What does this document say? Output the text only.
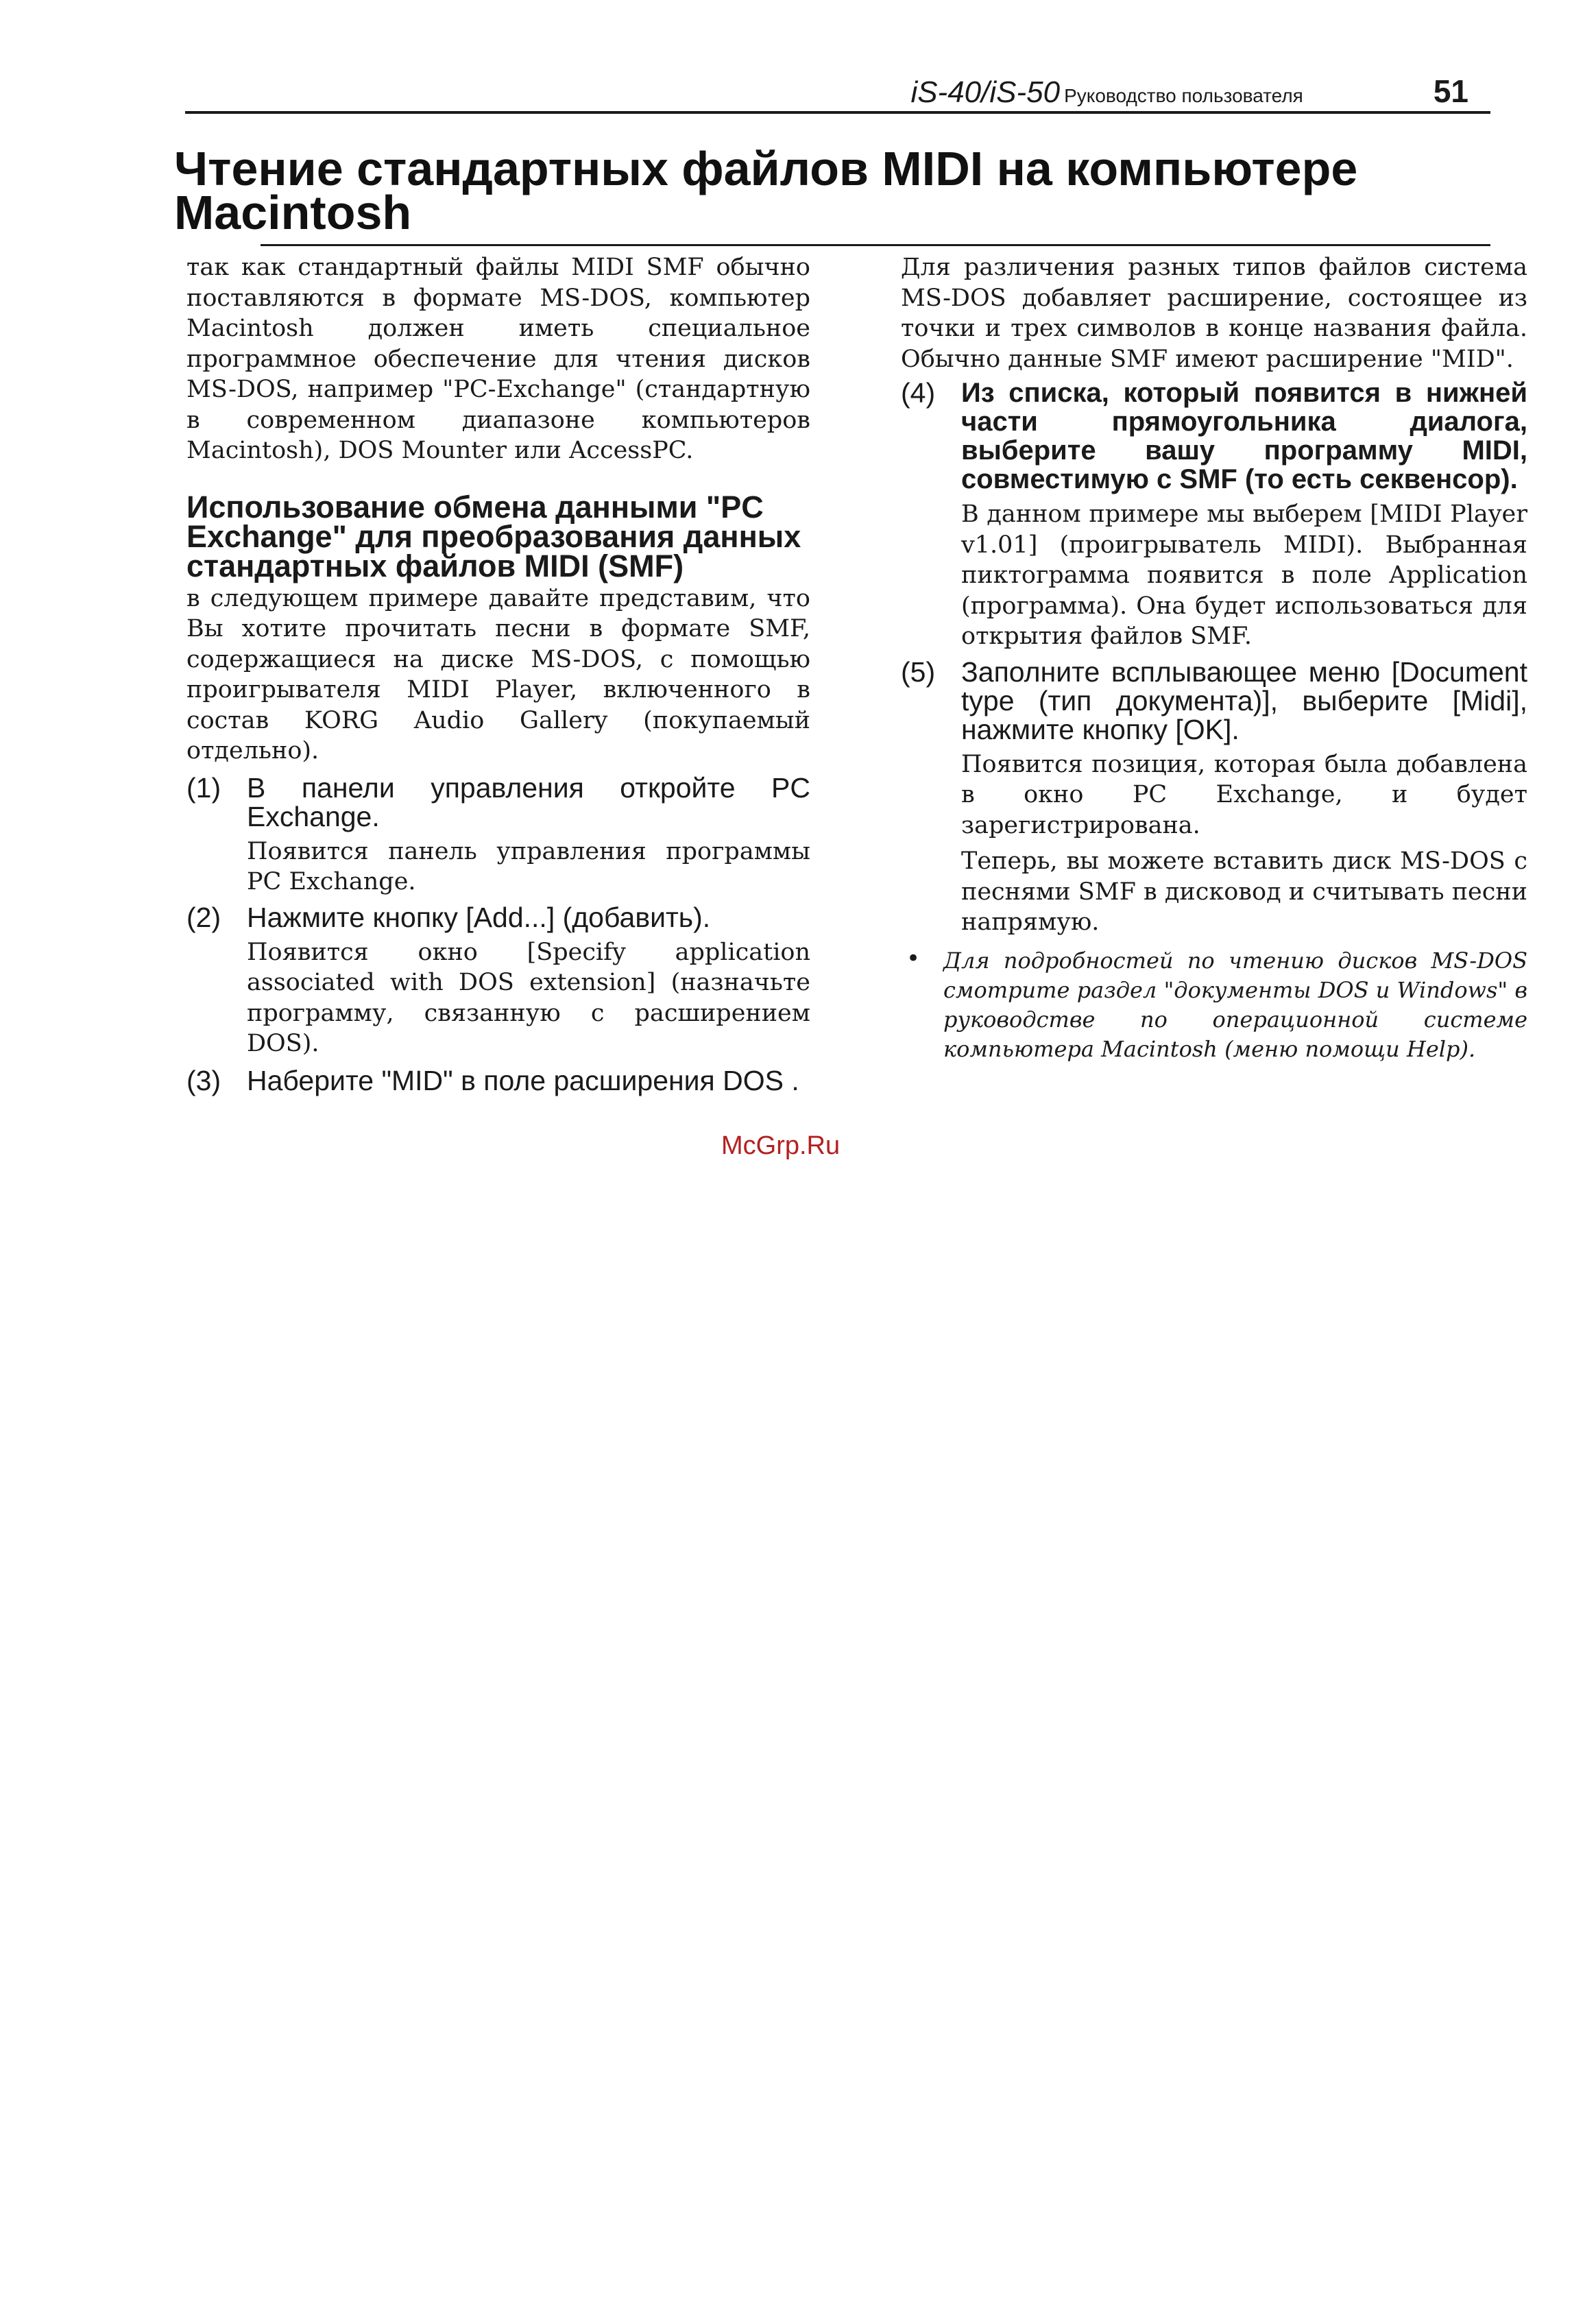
iS-40/iS-50 Руководство пользователя	51
Чтение стандартных файлов MIDI на компьютере Macintosh

так как стандартный файлы MIDI SMF обычно поставляются в формате MS-DOS, компьютер Macintosh должен иметь специальное программное обеспечение для чтения дисков MS-DOS, например "PC-Exchange" (стандартную в современном диапазоне компьютеров Macintosh), DOS Mounter или AccessPC.

Использование обмена данными "PC Exchange" для преобразования данных стандартных файлов MIDI (SMF)

в следующем примере давайте представим, что Вы хотите прочитать песни в формате SMF, содержащиеся на диске MS-DOS, с помощью проигрывателя MIDI Player, включенного в состав KORG Audio Gallery (покупаемый отдельно).

(1) В панели управления откройте PC Exchange.

Появится панель управления программы PC Exchange.

(2) Нажмите кнопку [Add...] (добавить).

Появится окно [Specify application associated with DOS extension] (назначьте программу, связанную с расширением DOS).

(3) Наберите "MID" в поле расширения DOS .

Для различения разных типов файлов система MS-DOS добавляет расширение, состоящее из точки и трех символов в конце названия файла. Обычно данные SMF имеют расширение "MID".

(4) Из списка, который появится в нижней части прямоугольника диалога, выберите вашу программу MIDI, совместимую с SMF (то есть секвенсор).

В данном примере мы выберем [MIDI Player v1.01] (проигрыватель MIDI). Выбранная пиктограмма появится в поле Application (программа). Она будет использоваться для открытия файлов SMF.

(5) Заполните всплывающее меню [Document type (тип документа)], выберите [Midi], нажмите кнопку [OK].

Появится позиция, которая была добавлена в окно PC Exchange, и будет зарегистрирована.

Теперь, вы можете вставить диск MS-DOS с песнями SMF в дисковод и считывать песни напрямую.

• Для подробностей по чтению дисков MS-DOS смотрите раздел "документы DOS и Windows" в руководстве по операционной системе компьютера Macintosh (меню помощи Help).

McGrp.Ru
